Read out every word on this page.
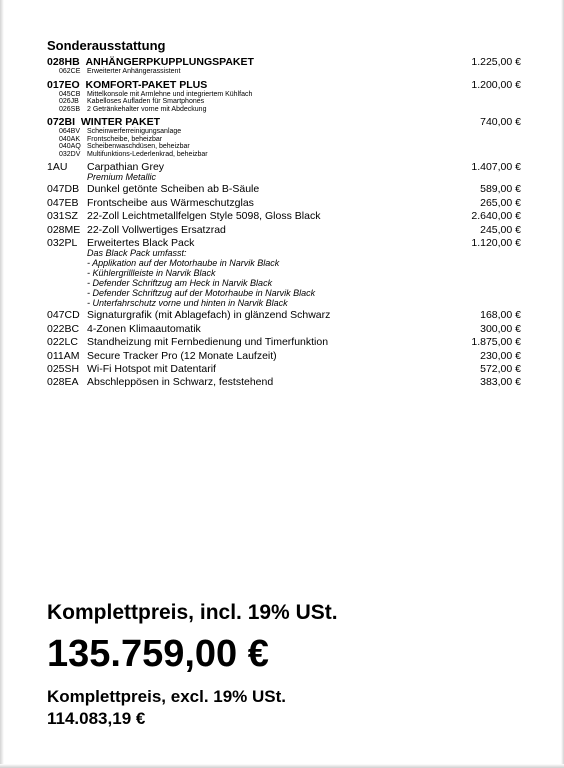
Sonderausstattung
028HB ANHÄNGERPKUPPLUNGSPAKET	1.225,00 €
062CE Erweiterter Anhängerassistent
017EO KOMFORT-PAKET PLUS	1.200,00 €
045CB Mittelkonsole mit Armlehne und integriertem Kühlfach
026JB	Kabelloses Aufladen für Smartphones
026SB 2 Getränkehalter vorne mit Abdeckung
072BI WINTER PAKET	740,00 €
064BV Scheinwerferreinigungsanlage
040AK Frontscheibe, beheizbar
040AQ Scheibenwaschdüsen, beheizbar
032DV Multifunktions-Lederlenkrad, beheizbar
1AU	Carpathian Grey	1.407,00 €
Premium Metallic
047DB Dunkel getönte Scheiben ab B-Säule	589,00 €
047EB Frontscheibe aus Wärmeschutzglas	265,00 €
031SZ 22-Zoll Leichtmetallfelgen Style 5098, Gloss Black	2.640,00 €
028ME 22-Zoll Vollwertiges Ersatzrad	245,00 €
032PL Erweitertes Black Pack	1.120,00 €
Das Black Pack umfasst:
- Applikation auf der Motorhaube in Narvik Black
- Kühlergrillleiste in Narvik Black
- Defender Schriftzug am Heck in Narvik Black
- Defender Schriftzug auf der Motorhaube in Narvik Black
- Unterfahrschutz vorne und hinten in Narvik Black
047CD Signaturgrafik (mit Ablagefach) in glänzend Schwarz	168,00 €
022BC 4-Zonen Klimaautomatik	300,00 €
022LC Standheizung mit Fernbedienung und Timerfunktion	1.875,00 €
011AM Secure Tracker Pro (12 Monate Laufzeit)	230,00 €
025SH Wi-Fi Hotspot mit Datentarif	572,00 €
028EA Abschleppösen in Schwarz, feststehend	383,00 €
Komplettpreis, incl. 19% USt.
135.759,00 €
Komplettpreis, excl. 19% USt.
114.083,19 €
